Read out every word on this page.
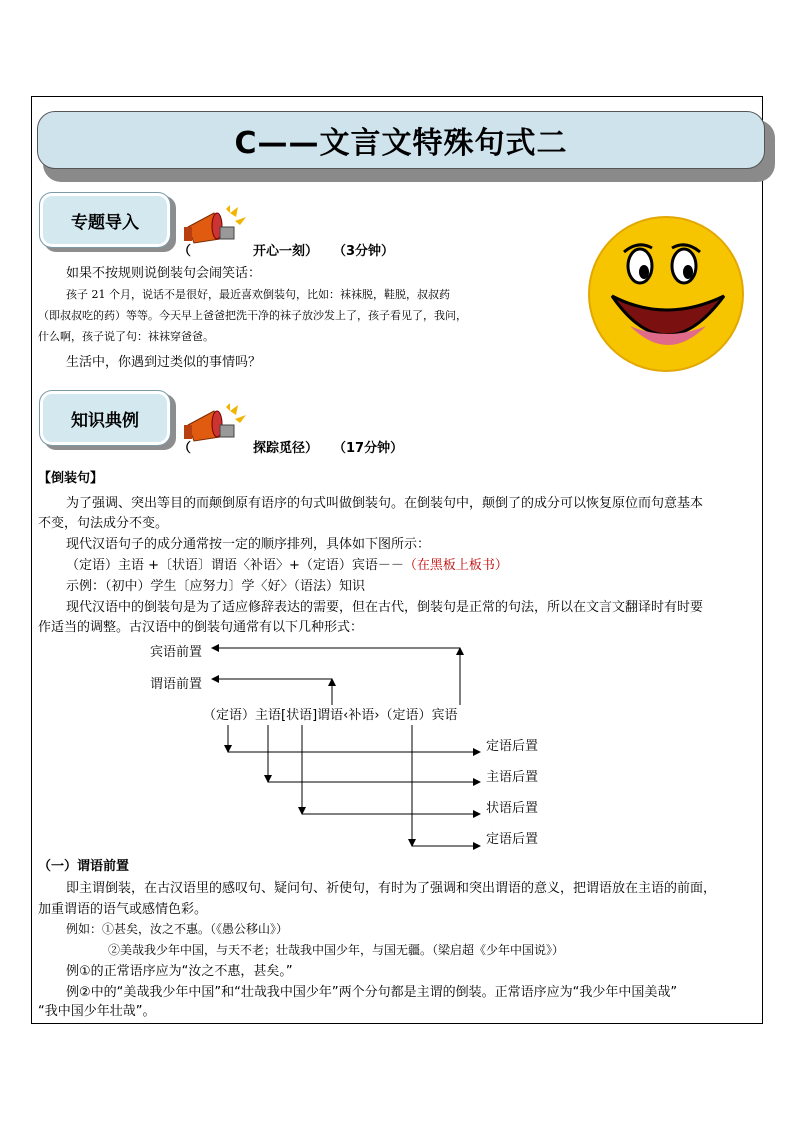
C——文言文特殊句式二
专题导入
（	开心一刻） （3分钟）
如果不按规则说倒装句会闹笑话：
孩子 21 个月，说话不是很好，最近喜欢倒装句，比如：袜袜脱，鞋脱，叔叔药
（即叔叔吃的药）等等。今天早上爸爸把洗干净的袜子放沙发上了，孩子看见了，我问，
什么啊，孩子说了句：袜袜穿爸爸。
生活中，你遇到过类似的事情吗？
知识典例
（	探踪觅径） （17分钟）
【倒装句】
为了强调、突出等目的而颠倒原有语序的句式叫做倒装句。在倒装句中，颠倒了的成分可以恢复原位而句意基本
不变，句法成分不变。
现代汉语句子的成分通常按一定的顺序排列，具体如下图所示：
（定语）主语 +〔状语〕谓语〈补语〉+（定语）宾语－－（在黑板上板书）
示例：（初中）学生〔应努力〕学〈好〉（语法）知识
现代汉语中的倒装句是为了适应修辞表达的需要，但在古代，倒装句是正常的句法，所以在文言文翻译时有时要
作适当的调整。古汉语中的倒装句通常有以下几种形式：
宾语前置
谓语前置
（定语）主语[状语]谓语‹补语›（定语）宾语
定语后置
主语后置
状语后置
定语后置
（一）谓语前置
即主谓倒装，在古汉语里的感叹句、疑问句、祈使句，有时为了强调和突出谓语的意义，把谓语放在主语的前面，
加重谓语的语气或感情色彩。
例如：①甚矣，汝之不惠。（《愚公移山》）
②美哉我少年中国，与天不老；壮哉我中国少年，与国无疆。（梁启超《少年中国说》）
例①的正常语序应为“汝之不惠，甚矣。”
例②中的“美哉我少年中国”和“壮哉我中国少年”两个分句都是主谓的倒装。正常语序应为“我少年中国美哉”
“我中国少年壮哉”。
